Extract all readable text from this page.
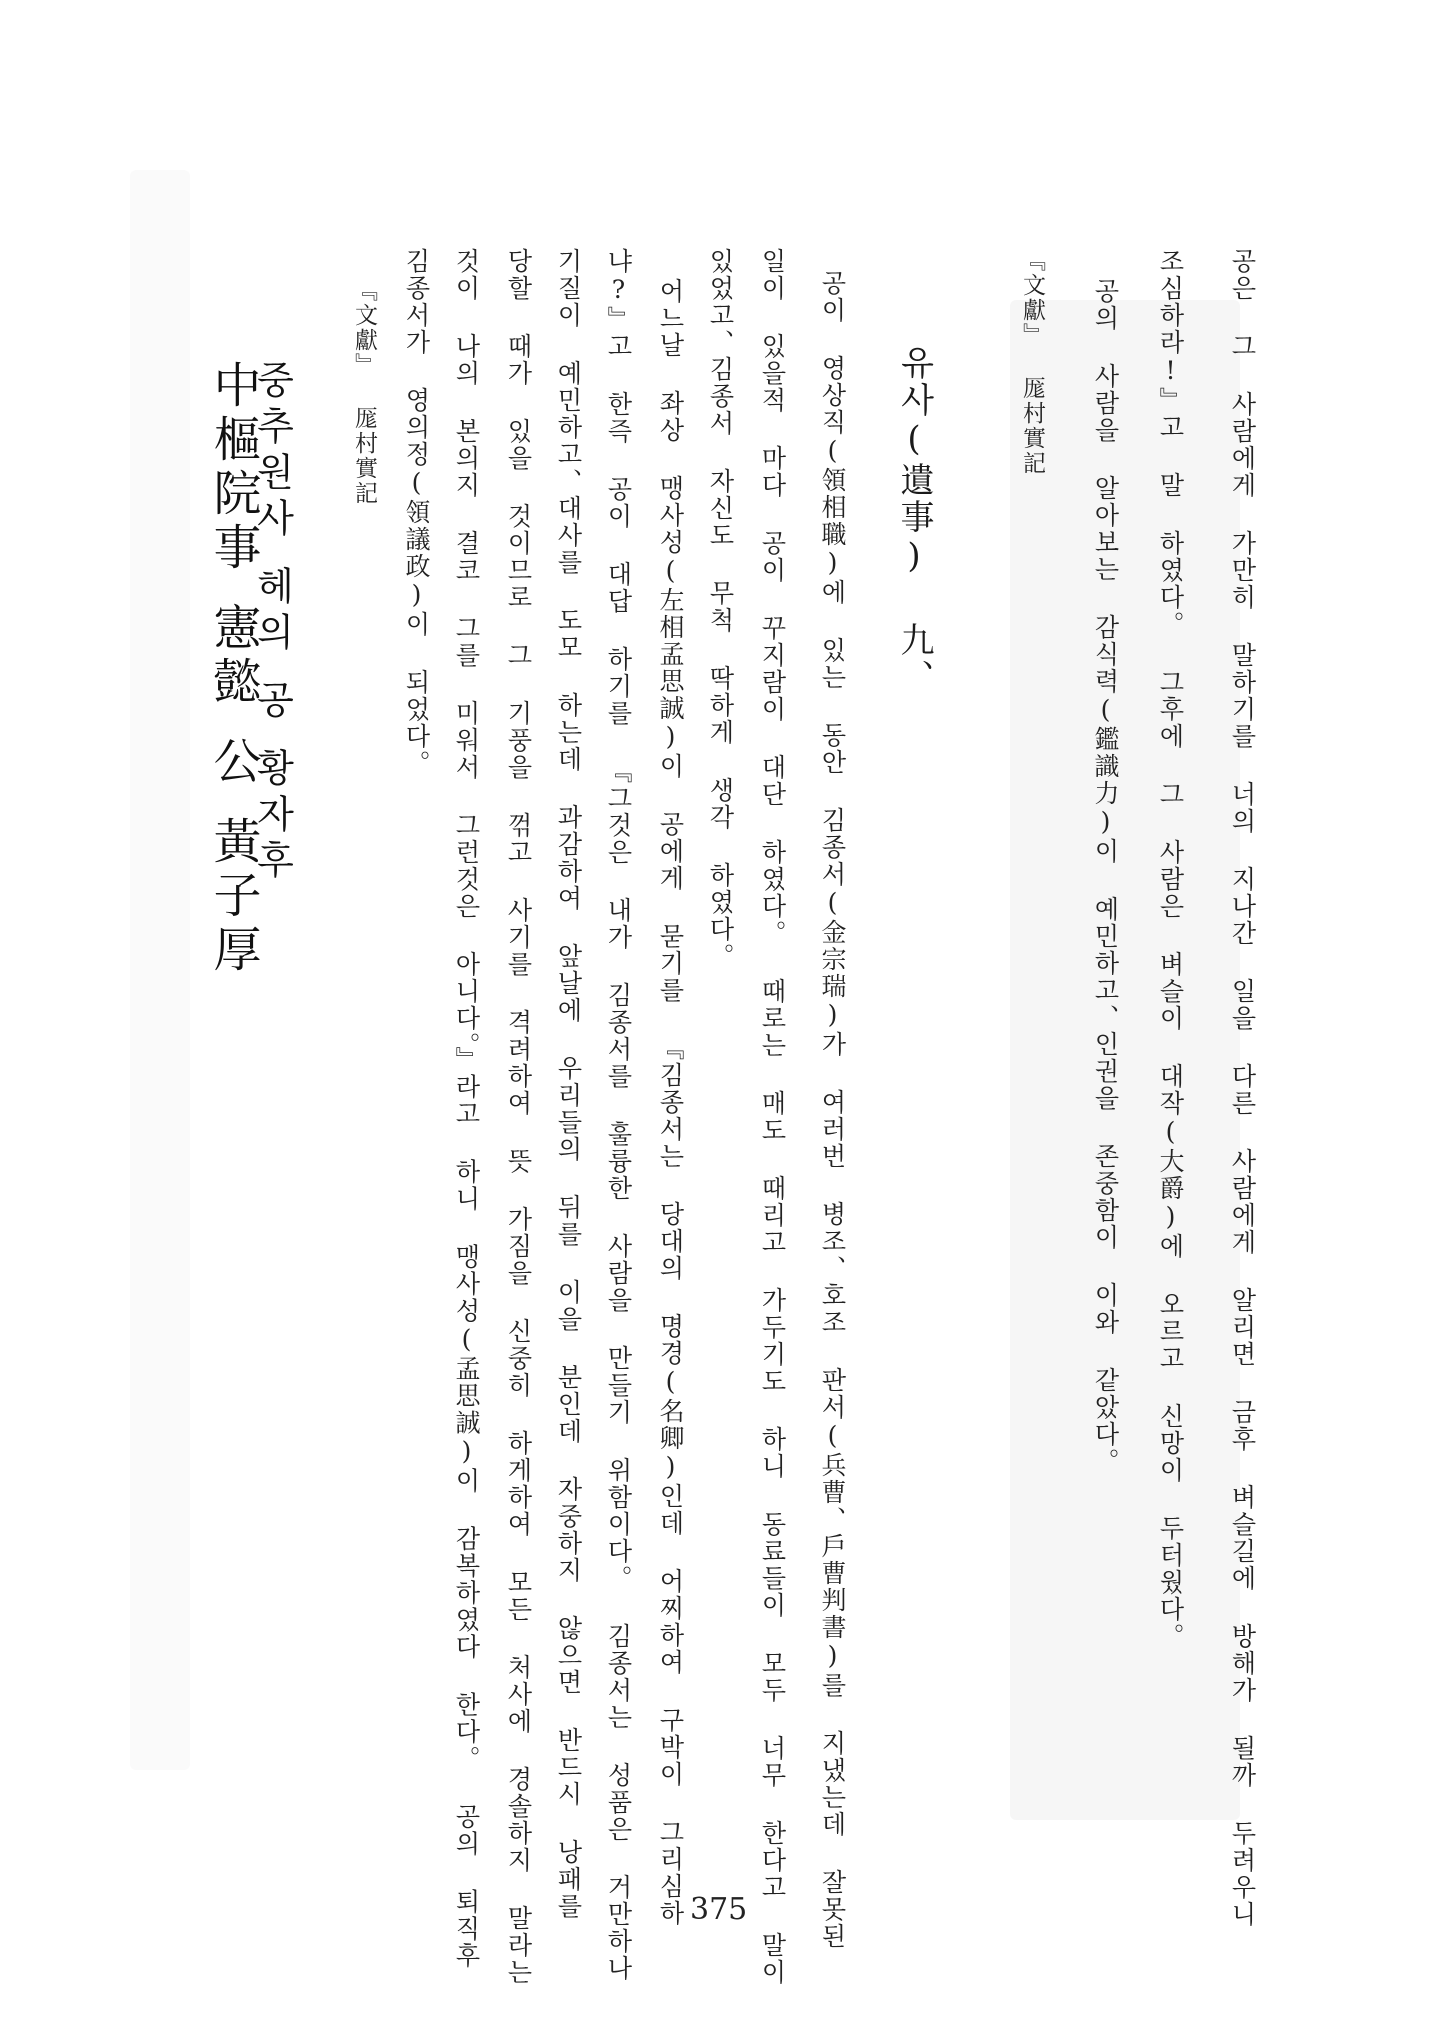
공은 그 사람에게 가만히 말하기를 너의 지나간 일을 다른 사람에게 알리면 금후 벼슬길에 방해가 될까 두려우니
조심하라!』고 말 하였다。 그후에 그 사람은 벼슬이 대작(大爵)에 오르고 신망이 두터웠다。
공의 사람을 알아보는 감식력(鑑識力)이 예민하고、인권을 존중함이 이와 같았다。
『文獻』 厖村實記
유사(遺事) 九、
공이 영상직(領相職)에 있는 동안 김종서(金宗瑞)가 여러번 병조、호조 판서(兵曹、戶曹判書)를 지냈는데 잘못된
일이 있을적 마다 공이 꾸지람이 대단 하였다。 때로는 매도 때리고 가두기도 하니 동료들이 모두 너무 한다고 말이
있었고、김종서 자신도 무척 딱하게 생각 하였다。
어느날 좌상 맹사성(左相孟思誠)이 공에게 묻기를 『김종서는 당대의 명경(名卿)인데 어찌하여 구박이 그리심하
냐?』고 한즉 공이 대답 하기를 『그것은 내가 김종서를 훌륭한 사람을 만들기 위함이다。 김종서는 성품은 거만하나
기질이 예민하고、대사를 도모 하는데 과감하여 앞날에 우리들의 뒤를 이을 분인데 자중하지 않으면 반드시 낭패를
당할 때가 있을 것이므로 그 기풍을 꺾고 사기를 격려하여 뜻 가짐을 신중히 하게하여 모든 처사에 경솔하지 말라는
것이 나의 본의지 결코 그를 미워서 그런것은 아니다。』라고 하니 맹사성(孟思誠)이 감복하였다 한다。 공의 퇴직후
김종서가 영의정(領議政)이 되었다。
『文獻』 厖村實記
중추원사헤의공황자후
中樞院事憲懿公黃子厚
375
